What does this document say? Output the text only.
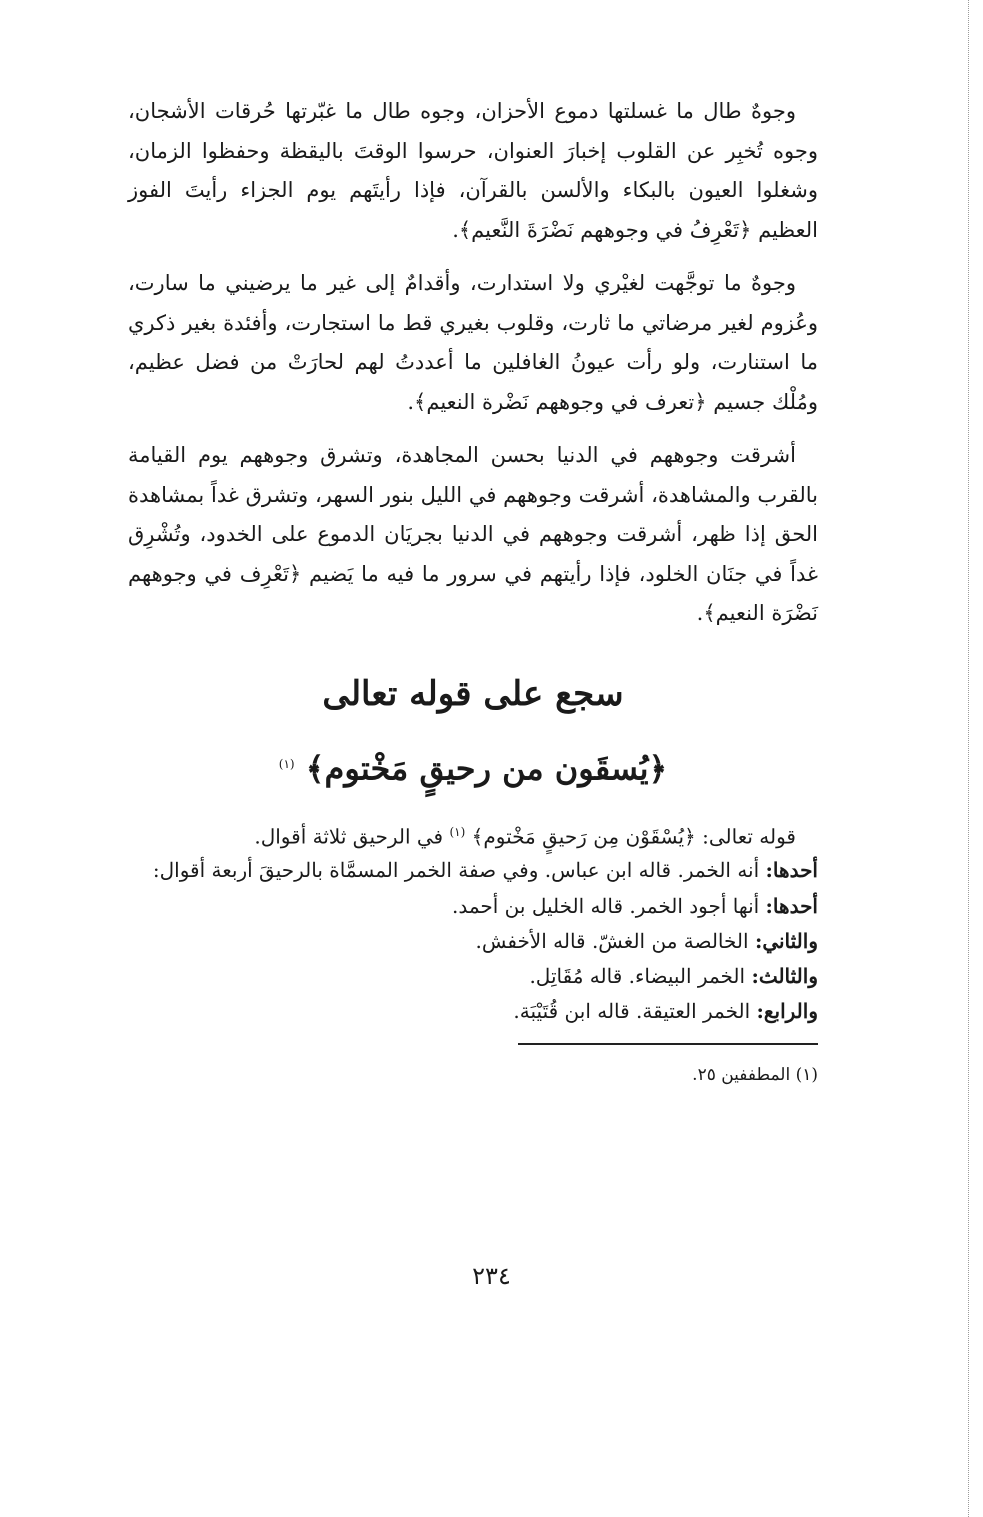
وجوهٌ طال ما غسلتها دموع الأحزان، وجوه طال ما غبّرتها حُرقات الأشجان، وجوه تُخبِر عن القلوب إخبارَ العنوان، حرسوا الوقتَ باليقظة وحفظوا الزمان، وشغلوا العيون بالبكاء والألسن بالقرآن، فإذا رأيتَهم يوم الجزاء رأيتَ الفوز العظيم ﴿تَعْرِفُ في وجوههم نَضْرَةَ النَّعيم﴾.

وجوهٌ ما توجَّهت لغيْري ولا استدارت، وأقدامٌ إلى غير ما يرضيني ما سارت، وعُزوم لغير مرضاتي ما ثارت، وقلوب بغيري قط ما استجارت، وأفئدة بغير ذكري ما استنارت، ولو رأت عيونُ الغافلين ما أعددتُ لهم لحارَتْ من فضل عظيم، ومُلْك جسيم ﴿تعرف في وجوههم نَضْرة النعيم﴾.

أشرقت وجوههم في الدنيا بحسن المجاهدة، وتشرق وجوههم يوم القيامة بالقرب والمشاهدة، أشرقت وجوههم في الليل بنور السهر، وتشرق غداً بمشاهدة الحق إذا ظهر، أشرقت وجوههم في الدنيا بجريَان الدموع على الخدود، وتُشْرِق غداً في جنَان الخلود، فإذا رأيتهم في سرور ما فيه ما يَضيم ﴿تَعْرِف في وجوههم نَضْرَة النعيم﴾.

سجع على قوله تعالى
﴿يُسقَون من رحيقٍ مَخْتوم﴾ $^{(١)}$

قوله تعالى: ﴿يُسْقَوْن مِن رَحيقٍ مَخْتوم﴾ $^{(١)}$ في الرحيق ثلاثة أقوال.

أحدها: أنه الخمر. قاله ابن عباس. وفي صفة الخمر المسمَّاة بالرحيقَ أربعة أقوال:

أحدها: أنها أجود الخمر. قاله الخليل بن أحمد.

والثاني: الخالصة من الغشّ. قاله الأخفش.

والثالث: الخمر البيضاء. قاله مُقَاتِل.

والرابع: الخمر العتيقة. قاله ابن قُتَيْبَة.

(١) المطففين ٢٥.

٢٣٤
